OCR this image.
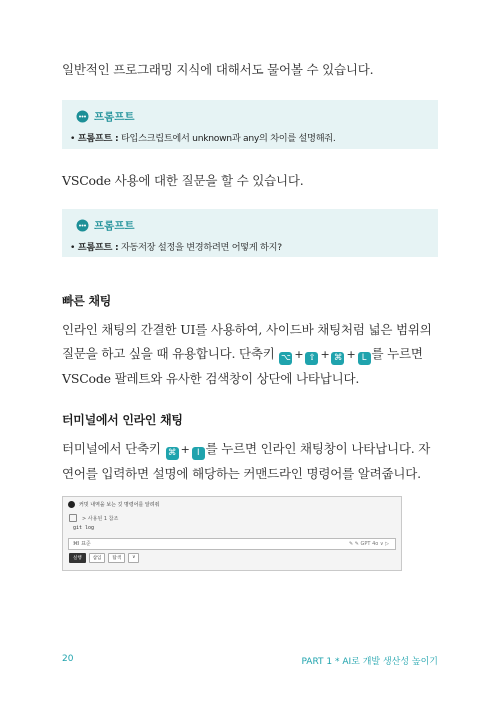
일반적인 프로그래밍 지식에 대해서도 물어볼 수 있습니다.
프롬프트
• 프롬프트 : 타입스크립트에서 unknown과 any의 차이를 설명해줘.
VSCode 사용에 대한 질문을 할 수 있습니다.
프롬프트
• 프롬프트 : 자동저장 설정을 변경하려면 어떻게 하지?
빠른 채팅
인라인 채팅의 간결한 UI를 사용하여, 사이드바 채팅처럼 넓은 범위의
질문을 하고 싶을 때 유용합니다. 단축키 ⌥ + ⇧ + ⌘ + L 를 누르면
VSCode 팔레트와 유사한 검색창이 상단에 나타납니다.
터미널에서 인라인 채팅
터미널에서 단축키 ⌘ + I 를 누르면 인라인 채팅창이 나타납니다. 자
연어를 입력하면 설명에 해당하는 커맨드라인 명령어를 알려줍니다.
커밋 내역을 보는 깃 명령어를 알려줘
> 사용된 1 참조
git log
⌘I 표준	✎ ✎ GPT 4o ∨ ▷
실행	삽입	탐색	∨
20	PART 1 * AI로 개발 생산성 높이기
